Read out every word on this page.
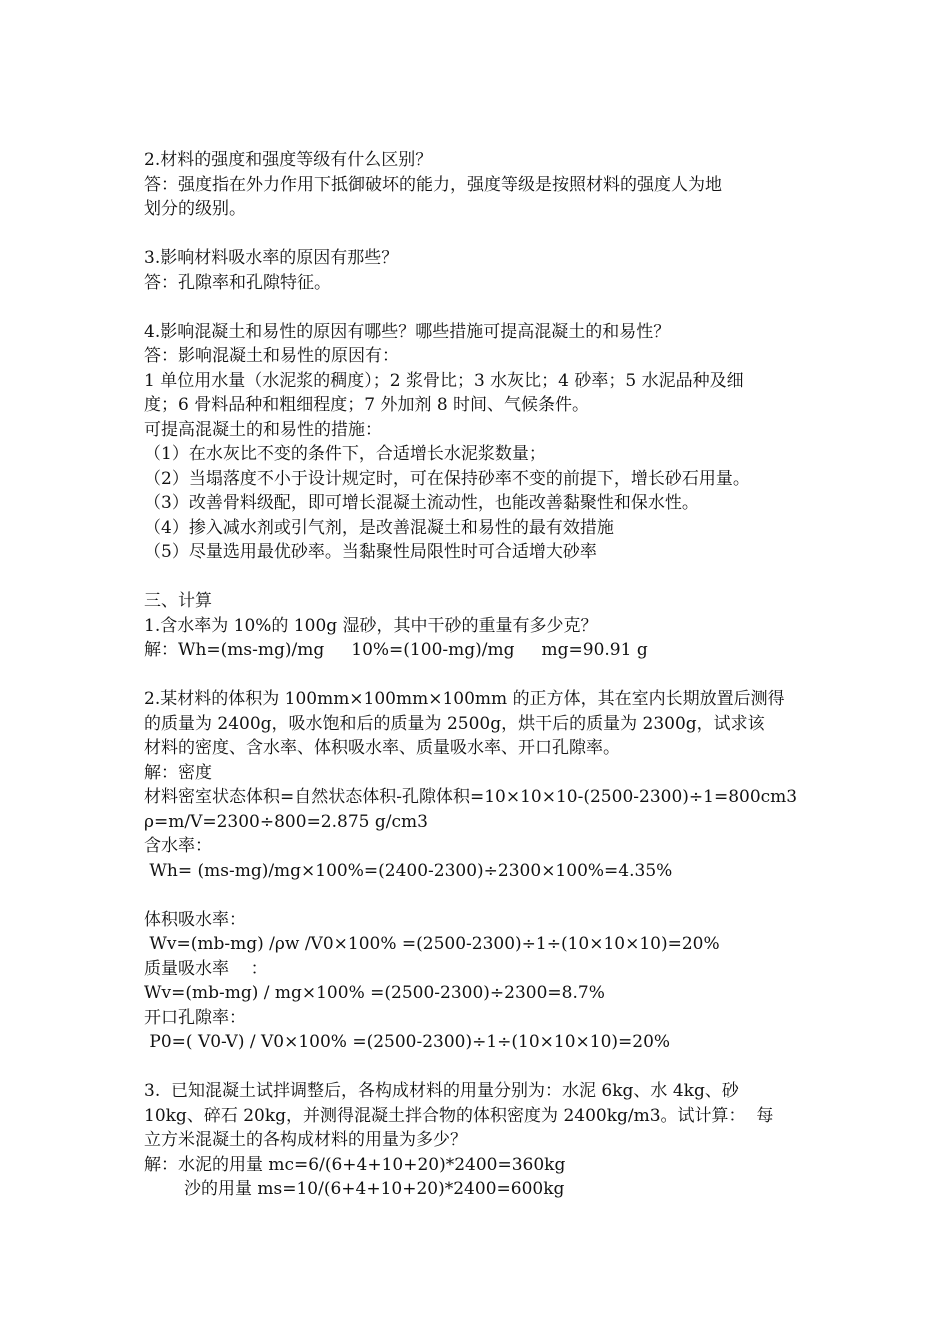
2.材料的强度和强度等级有什么区别？
答：强度指在外力作用下抵御破坏的能力，强度等级是按照材料的强度人为地
划分的级别。
3.影响材料吸水率的原因有那些？
答：孔隙率和孔隙特征。
4.影响混凝土和易性的原因有哪些？哪些措施可提高混凝土的和易性？
答：影响混凝土和易性的原因有：
1 单位用水量（水泥浆的稠度）；2 浆骨比；3 水灰比；4 砂率；5 水泥品种及细
度；6 骨料品种和粗细程度；7 外加剂 8 时间、气候条件。
可提高混凝土的和易性的措施：
（1）在水灰比不变的条件下，合适增长水泥浆数量；
（2）当塌落度不小于设计规定时，可在保持砂率不变的前提下，增长砂石用量。
（3）改善骨料级配，即可增长混凝土流动性，也能改善黏聚性和保水性。
（4）掺入减水剂或引气剂，是改善混凝土和易性的最有效措施
（5）尽量选用最优砂率。当黏聚性局限性时可合适增大砂率
三、计算
1.含水率为 10%的 100g 湿砂，其中干砂的重量有多少克？
解：Wh=(ms-mg)/mg     10%=(100-mg)/mg     mg=90.91 g
2.某材料的体积为 100mm×100mm×100mm 的正方体，其在室内长期放置后测得
的质量为 2400g，吸水饱和后的质量为 2500g，烘干后的质量为 2300g，试求该
材料的密度、含水率、体积吸水率、质量吸水率、开口孔隙率。
解：密度
材料密室状态体积=自然状态体积-孔隙体积=10×10×10-(2500-2300)÷1=800cm3
ρ=m/V=2300÷800=2.875 g/cm3
含水率：
Wh= (ms-mg)/mg×100%=(2400-2300)÷2300×100%=4.35%
体积吸水率：
Wv=(mb-mg) /ρw /V0×100% =(2500-2300)÷1÷(10×10×10)=20%
质量吸水率    ：
Wv=(mb-mg) / mg×100% =(2500-2300)÷2300=8.7%
开口孔隙率：
P0=( V0-V) / V0×100% =(2500-2300)÷1÷(10×10×10)=20%
3.  已知混凝土试拌调整后，各构成材料的用量分别为：水泥 6kg、水 4kg、砂
10kg、碎石 20kg，并测得混凝土拌合物的体积密度为 2400kg/m3。试计算：  每
立方米混凝土的各构成材料的用量为多少？
解：水泥的用量 mc=6/(6+4+10+20)*2400=360kg
沙的用量 ms=10/(6+4+10+20)*2400=600kg
